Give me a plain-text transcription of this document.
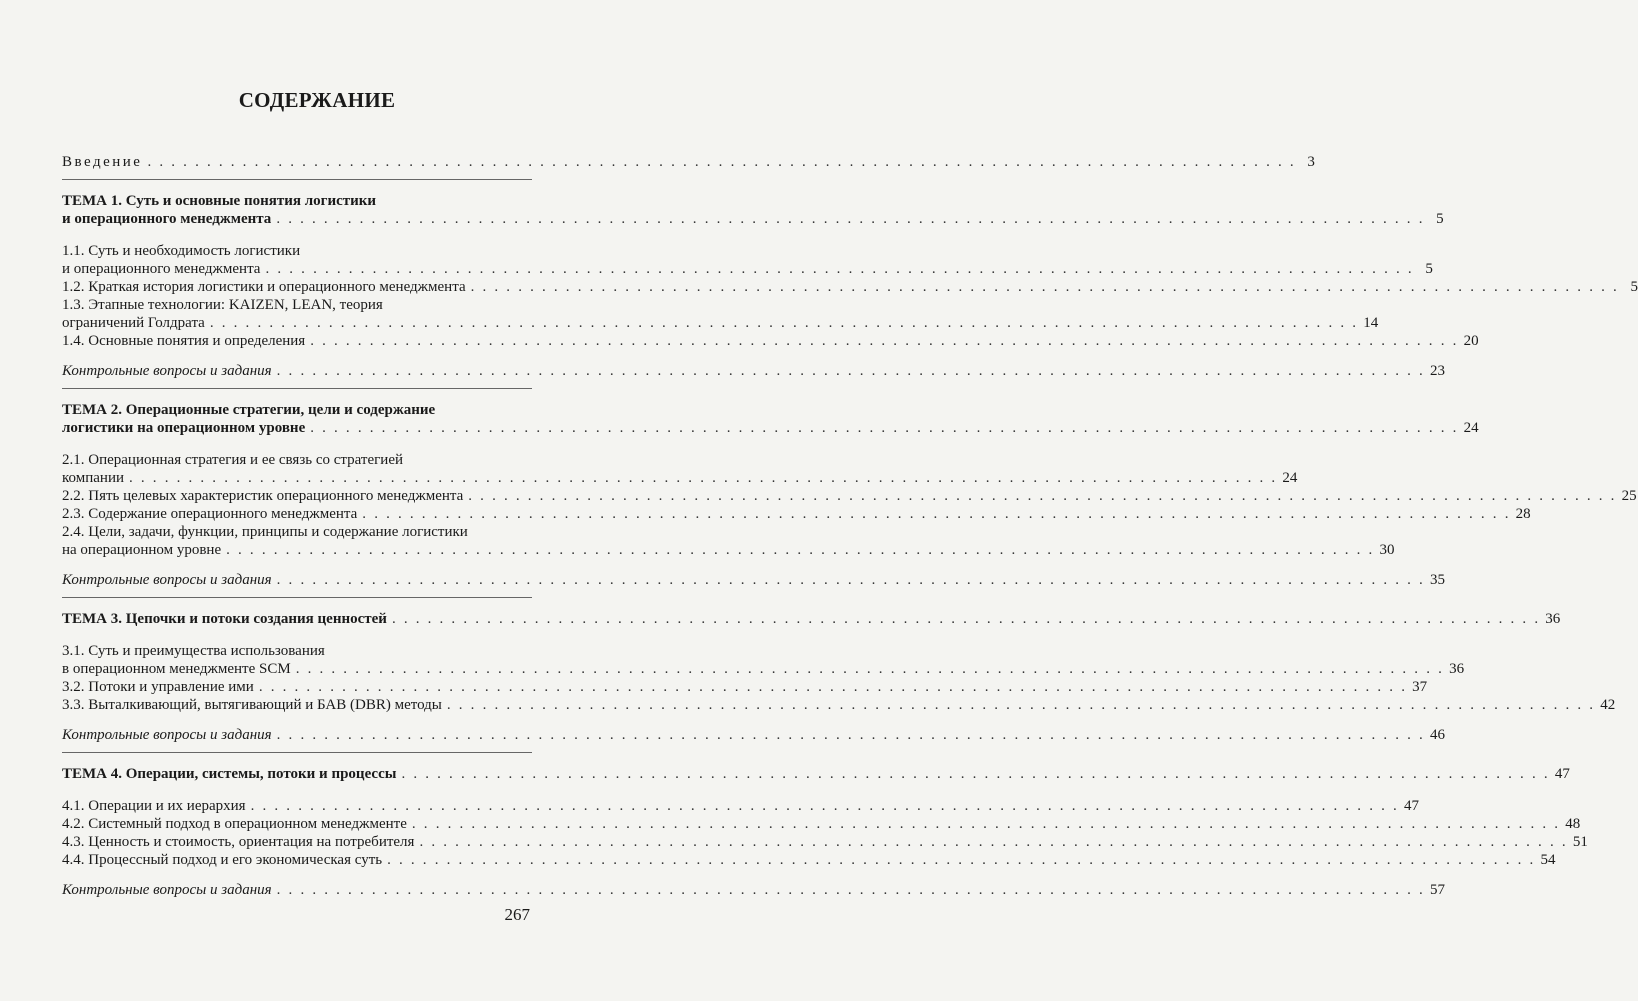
СОДЕРЖАНИЕ
Введение . . . . . . . . . . . . . . . . . . . . . . . . . . . . . . . . . . . . . . . . . . . . . . . . . . . . . . . . . . . . . . . . . . . . . . . . . . . . . . . . . . . . . . . . . . . . . . . . . 3
ТЕМА 1. Суть и основные понятия логистики
и операционного менеджмента . . . . . . . . . . . . . . . . . . . . . . . . . . . . . . . . . . . . . . . . . . . . . . . . . . . . . . . . . . . . . . . . . . . . . . . . . . . . . . . . . . . . . . . . . . . . . . . . . 5
1.1. Суть и необходимость логистики
и операционного менеджмента . . . . . . . . . . . . . . . . . . . . . . . . . . . . . . . . . . . . . . . . . . . . . . . . . . . . . . . . . . . . . . . . . . . . . . . . . . . . . . . . . . . . . . . . . . . . . . . . . 5
1.2. Краткая история логистики и операционного менеджмента . . . . . . . . . . . . . . . . . . . . . . . . . . . . . . . . . . . . . . . . . . . . . . . . . . . . . . . . . . . . . . . . . . . . . . . . . . . . . . . . . . . . . . . . . . . . . . . . . 5
1.3. Этапные технологии: KAIZEN, LEAN, теория
ограничений Голдрата . . . . . . . . . . . . . . . . . . . . . . . . . . . . . . . . . . . . . . . . . . . . . . . . . . . . . . . . . . . . . . . . . . . . . . . . . . . . . . . . . . . . . . . . . . . . . . . . . 14
1.4. Основные понятия и определения . . . . . . . . . . . . . . . . . . . . . . . . . . . . . . . . . . . . . . . . . . . . . . . . . . . . . . . . . . . . . . . . . . . . . . . . . . . . . . . . . . . . . . . . . . . . . . . . . 20
Контрольные вопросы и задания . . . . . . . . . . . . . . . . . . . . . . . . . . . . . . . . . . . . . . . . . . . . . . . . . . . . . . . . . . . . . . . . . . . . . . . . . . . . . . . . . . . . . . . . . . . . . . . . . 23
ТЕМА 2. Операционные стратегии, цели и содержание
логистики на операционном уровне . . . . . . . . . . . . . . . . . . . . . . . . . . . . . . . . . . . . . . . . . . . . . . . . . . . . . . . . . . . . . . . . . . . . . . . . . . . . . . . . . . . . . . . . . . . . . . . . . 24
2.1. Операционная стратегия и ее связь со стратегией
компании . . . . . . . . . . . . . . . . . . . . . . . . . . . . . . . . . . . . . . . . . . . . . . . . . . . . . . . . . . . . . . . . . . . . . . . . . . . . . . . . . . . . . . . . . . . . . . . . . 24
2.2. Пять целевых характеристик операционного менеджмента . . . . . . . . . . . . . . . . . . . . . . . . . . . . . . . . . . . . . . . . . . . . . . . . . . . . . . . . . . . . . . . . . . . . . . . . . . . . . . . . . . . . . . . . . . . . . . . . . 25
2.3. Содержание операционного менеджмента . . . . . . . . . . . . . . . . . . . . . . . . . . . . . . . . . . . . . . . . . . . . . . . . . . . . . . . . . . . . . . . . . . . . . . . . . . . . . . . . . . . . . . . . . . . . . . . . . 28
2.4. Цели, задачи, функции, принципы и содержание логистики
на операционном уровне . . . . . . . . . . . . . . . . . . . . . . . . . . . . . . . . . . . . . . . . . . . . . . . . . . . . . . . . . . . . . . . . . . . . . . . . . . . . . . . . . . . . . . . . . . . . . . . . . 30
Контрольные вопросы и задания . . . . . . . . . . . . . . . . . . . . . . . . . . . . . . . . . . . . . . . . . . . . . . . . . . . . . . . . . . . . . . . . . . . . . . . . . . . . . . . . . . . . . . . . . . . . . . . . . 35
ТЕМА 3. Цепочки и потоки создания ценностей . . . . . . . . . . . . . . . . . . . . . . . . . . . . . . . . . . . . . . . . . . . . . . . . . . . . . . . . . . . . . . . . . . . . . . . . . . . . . . . . . . . . . . . . . . . . . . . . . 36
3.1. Суть и преимущества использования
в операционном менеджменте SCM . . . . . . . . . . . . . . . . . . . . . . . . . . . . . . . . . . . . . . . . . . . . . . . . . . . . . . . . . . . . . . . . . . . . . . . . . . . . . . . . . . . . . . . . . . . . . . . . . 36
3.2. Потоки и управление ими . . . . . . . . . . . . . . . . . . . . . . . . . . . . . . . . . . . . . . . . . . . . . . . . . . . . . . . . . . . . . . . . . . . . . . . . . . . . . . . . . . . . . . . . . . . . . . . . . 37
3.3. Выталкивающий, вытягивающий и БАВ (DBR) методы . . . . . . . . . . . . . . . . . . . . . . . . . . . . . . . . . . . . . . . . . . . . . . . . . . . . . . . . . . . . . . . . . . . . . . . . . . . . . . . . . . . . . . . . . . . . . . . . . 42
Контрольные вопросы и задания . . . . . . . . . . . . . . . . . . . . . . . . . . . . . . . . . . . . . . . . . . . . . . . . . . . . . . . . . . . . . . . . . . . . . . . . . . . . . . . . . . . . . . . . . . . . . . . . . 46
ТЕМА 4. Операции, системы, потоки и процессы . . . . . . . . . . . . . . . . . . . . . . . . . . . . . . . . . . . . . . . . . . . . . . . . . . . . . . . . . . . . . . . . . . . . . . . . . . . . . . . . . . . . . . . . . . . . . . . . . 47
4.1. Операции и их иерархия . . . . . . . . . . . . . . . . . . . . . . . . . . . . . . . . . . . . . . . . . . . . . . . . . . . . . . . . . . . . . . . . . . . . . . . . . . . . . . . . . . . . . . . . . . . . . . . . . 47
4.2. Системный подход в операционном менеджменте . . . . . . . . . . . . . . . . . . . . . . . . . . . . . . . . . . . . . . . . . . . . . . . . . . . . . . . . . . . . . . . . . . . . . . . . . . . . . . . . . . . . . . . . . . . . . . . . . 48
4.3. Ценность и стоимость, ориентация на потребителя . . . . . . . . . . . . . . . . . . . . . . . . . . . . . . . . . . . . . . . . . . . . . . . . . . . . . . . . . . . . . . . . . . . . . . . . . . . . . . . . . . . . . . . . . . . . . . . . . 51
4.4. Процессный подход и его экономическая суть . . . . . . . . . . . . . . . . . . . . . . . . . . . . . . . . . . . . . . . . . . . . . . . . . . . . . . . . . . . . . . . . . . . . . . . . . . . . . . . . . . . . . . . . . . . . . . . . . 54
Контрольные вопросы и задания . . . . . . . . . . . . . . . . . . . . . . . . . . . . . . . . . . . . . . . . . . . . . . . . . . . . . . . . . . . . . . . . . . . . . . . . . . . . . . . . . . . . . . . . . . . . . . . . . 57
267
